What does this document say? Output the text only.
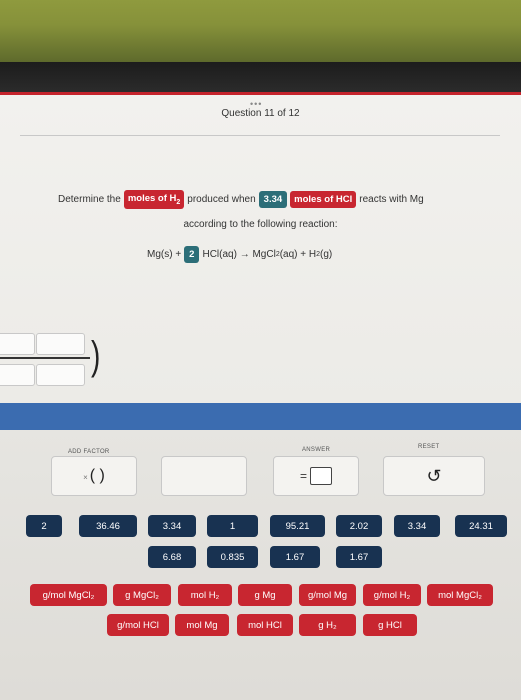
•••
Question 11 of 12
Determine the moles of $H_2$ produced when 3.34	moles of HCl reacts with Mg
according to the following reaction:
Mg(s) + 2 HCl(aq) → MgCl 2 (aq) + H 2 (g)
)
ADD FACTOR
× ( )
ANSWER
=
RESET
↺
2	36.46	3.34	1	95.21	2.02	3.34	24.31
6.68	0.835	1.67	1.67
g/mol MgCl₂	g MgCl₂	mol H₂	g Mg	g/mol Mg	g/mol H₂	mol MgCl₂
g/mol HCl	mol Mg	mol HCl	g H₂	g HCl
